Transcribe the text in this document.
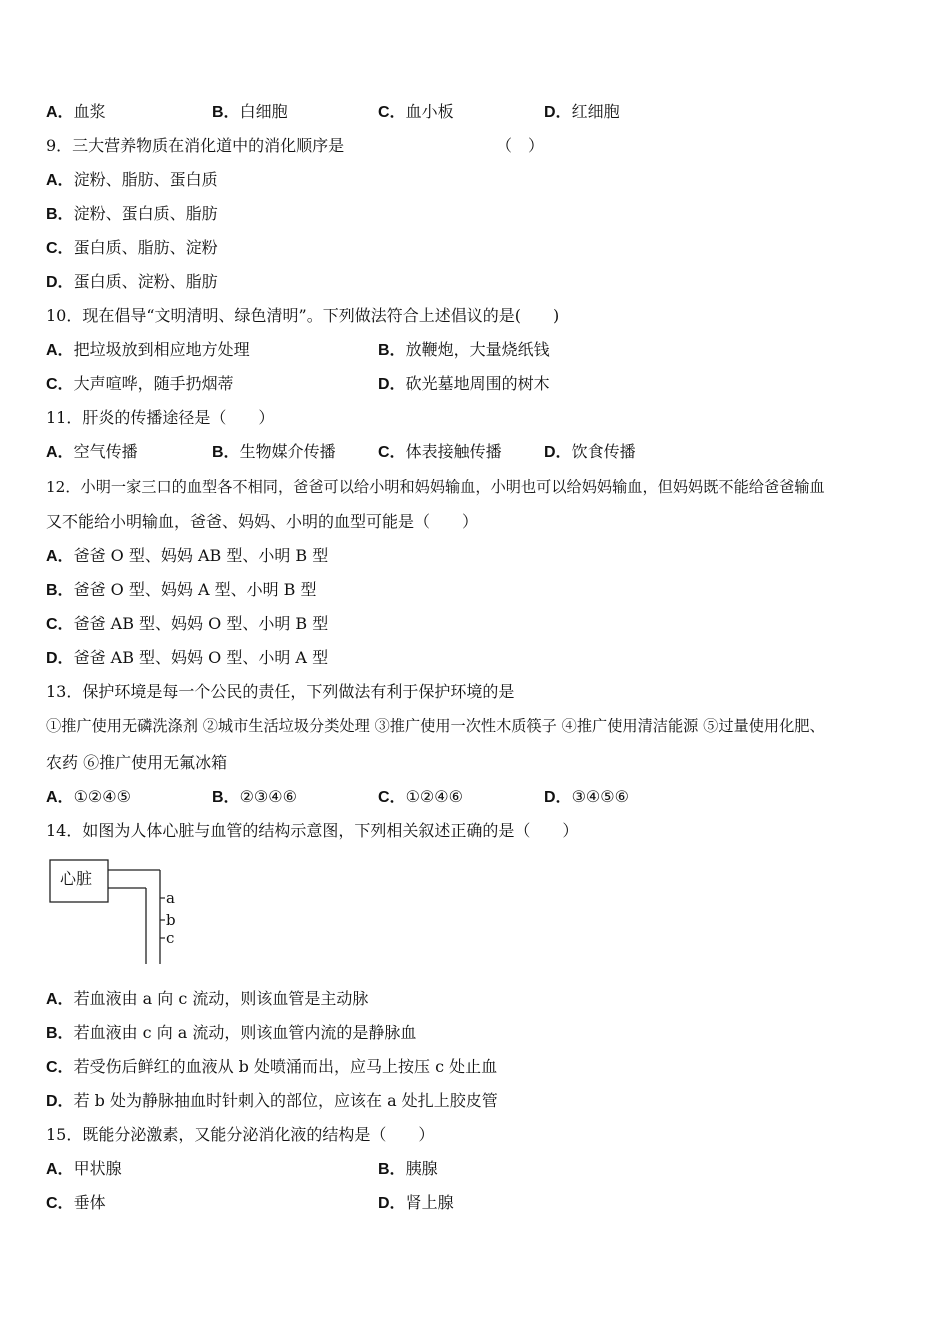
A．血浆	B．白细胞	C．血小板	D．红细胞
9．三大营养物质在消化道中的消化顺序是	（　）
A．淀粉、脂肪、蛋白质
B．淀粉、蛋白质、脂肪
C．蛋白质、脂肪、淀粉
D．蛋白质、淀粉、脂肪
10．现在倡导“文明清明、绿色清明”。下列做法符合上述倡议的是(　　)
A．把垃圾放到相应地方处理	B．放鞭炮，大量烧纸钱
C．大声喧哗，随手扔烟蒂	D．砍光墓地周围的树木
11．肝炎的传播途径是（　　）
A．空气传播	B．生物媒介传播	C．体表接触传播	D．饮食传播
12．小明一家三口的血型各不相同，爸爸可以给小明和妈妈输血，小明也可以给妈妈输血，但妈妈既不能给爸爸输血
又不能给小明输血，爸爸、妈妈、小明的血型可能是（　　）
A．爸爸 O 型、妈妈 AB 型、小明 B 型
B．爸爸 O 型、妈妈 A 型、小明 B 型
C．爸爸 AB 型、妈妈 O 型、小明 B 型
D．爸爸 AB 型、妈妈 O 型、小明 A 型
13．保护环境是每一个公民的责任，下列做法有利于保护环境的是
①推广使用无磷洗涤剂 ②城市生活垃圾分类处理 ③推广使用一次性木质筷子 ④推广使用清洁能源 ⑤过量使用化肥、
农药 ⑥推广使用无氟冰箱
A．①②④⑤	B．②③④⑥	C．①②④⑥	D．③④⑤⑥
14．如图为人体心脏与血管的结构示意图，下列相关叙述正确的是（　　）
心脏
a
b
c
A．若血液由 a 向 c 流动，则该血管是主动脉
B．若血液由 c 向 a 流动，则该血管内流的是静脉血
C．若受伤后鲜红的血液从 b 处喷涌而出，应马上按压 c 处止血
D．若 b 处为静脉抽血时针刺入的部位，应该在 a 处扎上胶皮管
15．既能分泌激素，又能分泌消化液的结构是（　　）
A．甲状腺	B．胰腺
C．垂体	D．肾上腺
